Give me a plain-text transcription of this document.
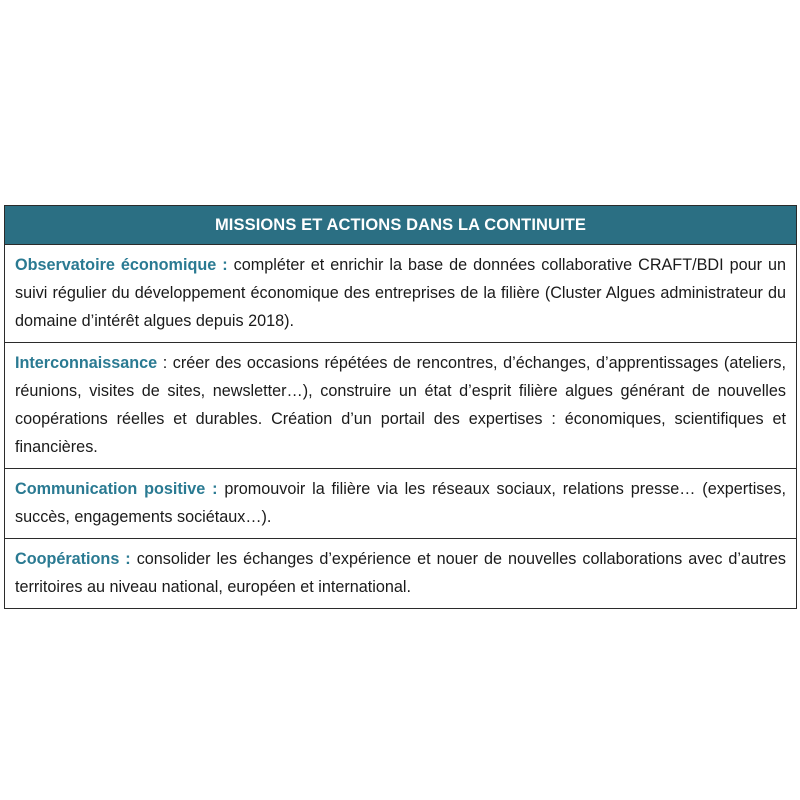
MISSIONS ET ACTIONS DANS LA CONTINUITE
Observatoire économique : compléter et enrichir la base de données collaborative CRAFT/BDI pour un suivi régulier du développement économique des entreprises de la filière (Cluster Algues administrateur du domaine d’intérêt algues depuis 2018).
Interconnaissance : créer des occasions répétées de rencontres, d’échanges, d’apprentissages (ateliers, réunions, visites de sites, newsletter…), construire un état d’esprit filière algues générant de nouvelles coopérations réelles et durables. Création d’un portail des expertises : économiques, scientifiques et financières.
Communication positive : promouvoir la filière via les réseaux sociaux, relations presse… (expertises, succès, engagements sociétaux…).
Coopérations : consolider les échanges d’expérience et nouer de nouvelles collaborations avec d’autres territoires au niveau national, européen et international.
